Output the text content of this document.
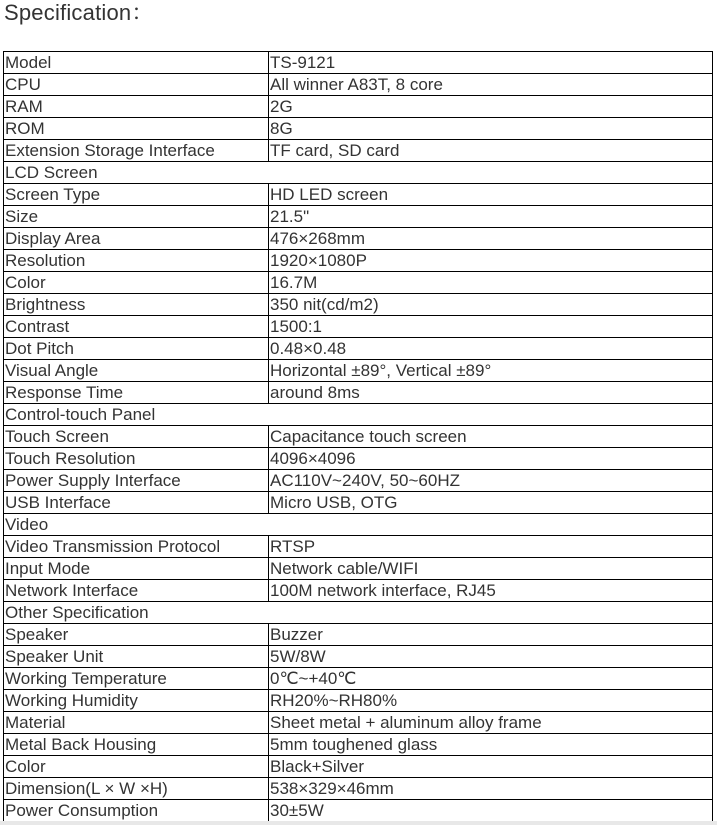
Specification：
Model	TS-9121
CPU	All winner A83T, 8 core
RAM	2G
ROM	8G
Extension Storage Interface	TF card, SD card
LCD Screen	
Screen Type	HD LED screen
Size	21.5"
Display Area	476×268mm
Resolution	1920×1080P
Color	16.7M
Brightness	350 nit(cd/m2)
Contrast	1500:1
Dot Pitch	0.48×0.48
Visual Angle	Horizontal ±89°, Vertical ±89°
Response Time	around 8ms
Control-touch Panel	
Touch Screen	Capacitance touch screen
Touch Resolution	4096×4096
Power Supply Interface	AC110V~240V, 50~60HZ
USB Interface	Micro USB, OTG
Video	
Video Transmission Protocol	RTSP
Input Mode	Network cable/WIFI
Network Interface	100M network interface, RJ45
Other Specification	
Speaker	Buzzer
Speaker Unit	5W/8W
Working Temperature	0℃~+40℃
Working Humidity	RH20%~RH80%
Material	Sheet metal + aluminum alloy frame
Metal Back Housing	5mm toughened glass
Color	Black+Silver
Dimension(L × W ×H)	538×329×46mm
Power Consumption	30±5W
